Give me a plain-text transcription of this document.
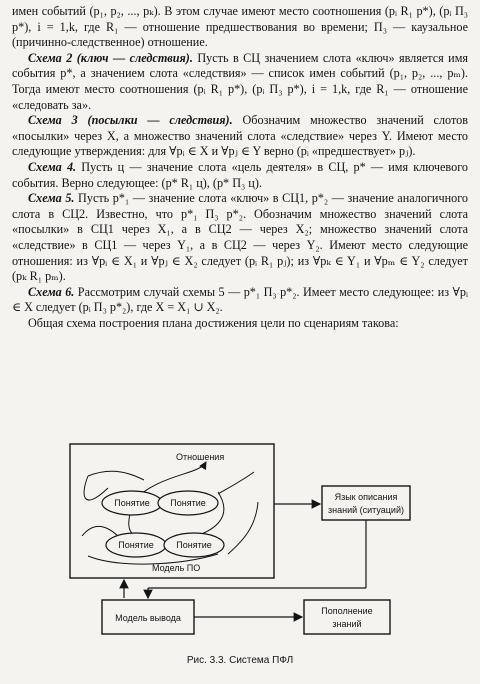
имен событий (p₁, p₂, ..., pₖ). В этом случае имеют место соотношения (pᵢ R₁ p*), (pᵢ П₃ p*), i = 1,k, где R₁ — отношение предшествования во времени; П₃ — каузальное (причинно-следственное) отношение.

Схема 2 (ключ — следствия). Пусть в СЦ значением слота «ключ» является имя события p*, а значением слота «следствия» — список имен событий (p₁, p₂, ..., pₘ). Тогда имеют место соотношения (pᵢ R₁ p*), (pᵢ П₃ p*), i = 1,k, где R₁ — отношение «следовать за».

Схема 3 (посылки — следствия). Обозначим множество значений слотов «посылки» через X, а множество значений слота «следствие» через Y. Имеют место следующие утверждения: для ∀pᵢ ∈ X и ∀pⱼ ∈ Y верно (pᵢ «предшествует» pⱼ).

Схема 4. Пусть ц — значение слота «цель деятеля» в СЦ, p* — имя ключевого события. Верно следующее: (p* R₁ ц), (p* П₃ ц).

Схема 5. Пусть p*₁ — значение слота «ключ» в СЦ1, p*₂ — значение аналогичного слота в СЦ2. Известно, что p*₁ П₃ p*₂. Обозначим множество значений слота «посылки» в СЦ1 через X₁, а в СЦ2 — через X₂; множество значений слота «следствие» в СЦ1 — через Y₁, а в СЦ2 — через Y₂. Имеют место следующие отношения: из ∀pᵢ ∈ X₁ и ∀pⱼ ∈ X₂ следует (pᵢ R₁ pⱼ); из ∀pₖ ∈ Y₁ и ∀pₘ ∈ Y₂ следует (pₖ R₁ pₘ).

Схема 6. Рассмотрим случай схемы 5 — p*₁ П₃ p*₂. Имеет место следующее: из ∀pᵢ ∈ X следует (pᵢ П₃ p*₂), где X = X₁ ∪ X₂.

Общая схема построения плана достижения цели по сценариям такова:

Отношения
Понятие Понятие
Понятие	Понятие
Модель ПО
Язык описания
знаний (ситуаций)
Модель вывода
Пополнение
знаний
Рис. 3.3. Система ПФЛ
